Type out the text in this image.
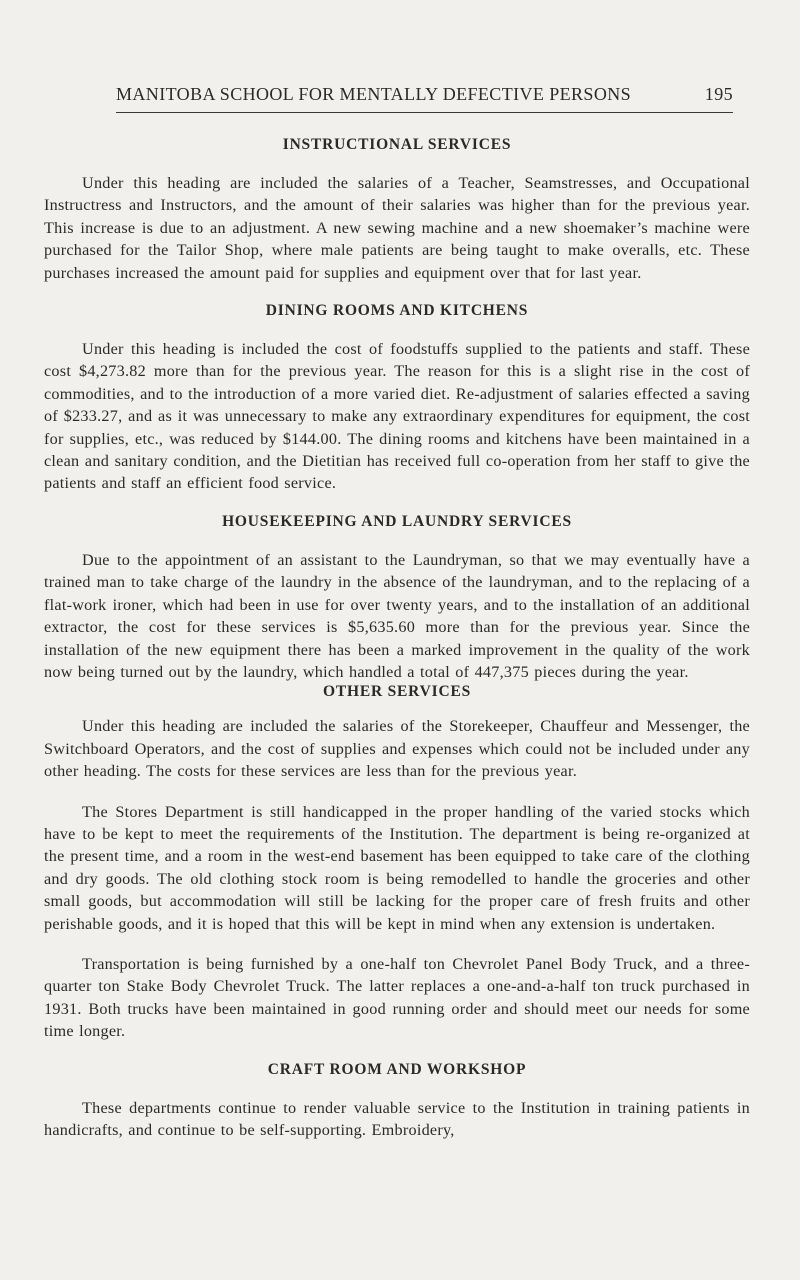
MANITOBA SCHOOL FOR MENTALLY DEFECTIVE PERSONS	195
INSTRUCTIONAL SERVICES

Under this heading are included the salaries of a Teacher, Seamstresses, and Occupational Instructress and Instructors, and the amount of their salaries was higher than for the previous year. This increase is due to an adjustment. A new sewing machine and a new shoemaker’s machine were purchased for the Tailor Shop, where male patients are being taught to make overalls, etc. These purchases increased the amount paid for supplies and equipment over that for last year.

DINING ROOMS AND KITCHENS

Under this heading is included the cost of foodstuffs supplied to the patients and staff. These cost $4,273.82 more than for the previous year. The reason for this is a slight rise in the cost of commodities, and to the introduction of a more varied diet. Re-adjustment of salaries effected a saving of $233.27, and as it was unnecessary to make any extraordinary expenditures for equipment, the cost for supplies, etc., was reduced by $144.00. The dining rooms and kitchens have been maintained in a clean and sanitary condition, and the Dietitian has received full co-operation from her staff to give the patients and staff an efficient food service.

HOUSEKEEPING AND LAUNDRY SERVICES

Due to the appointment of an assistant to the Laundryman, so that we may eventually have a trained man to take charge of the laundry in the absence of the laundryman, and to the replacing of a flat-work ironer, which had been in use for over twenty years, and to the installation of an additional extractor, the cost for these services is $5,635.60 more than for the previous year. Since the installation of the new equipment there has been a marked improvement in the quality of the work now being turned out by the laundry, which handled a total of 447,375 pieces during the year.

OTHER SERVICES

Under this heading are included the salaries of the Storekeeper, Chauffeur and Messenger, the Switchboard Operators, and the cost of supplies and expenses which could not be included under any other heading. The costs for these services are less than for the previous year.

The Stores Department is still handicapped in the proper handling of the varied stocks which have to be kept to meet the requirements of the Institution. The department is being re-organized at the present time, and a room in the west-end basement has been equipped to take care of the clothing and dry goods. The old clothing stock room is being remodelled to handle the groceries and other small goods, but accommodation will still be lacking for the proper care of fresh fruits and other perishable goods, and it is hoped that this will be kept in mind when any extension is undertaken.

Transportation is being furnished by a one-half ton Chevrolet Panel Body Truck, and a three-quarter ton Stake Body Chevrolet Truck. The latter replaces a one-and-a-half ton truck purchased in 1931. Both trucks have been maintained in good running order and should meet our needs for some time longer.

CRAFT ROOM AND WORKSHOP

These departments continue to render valuable service to the Institution in training patients in handicrafts, and continue to be self-supporting. Embroidery,
